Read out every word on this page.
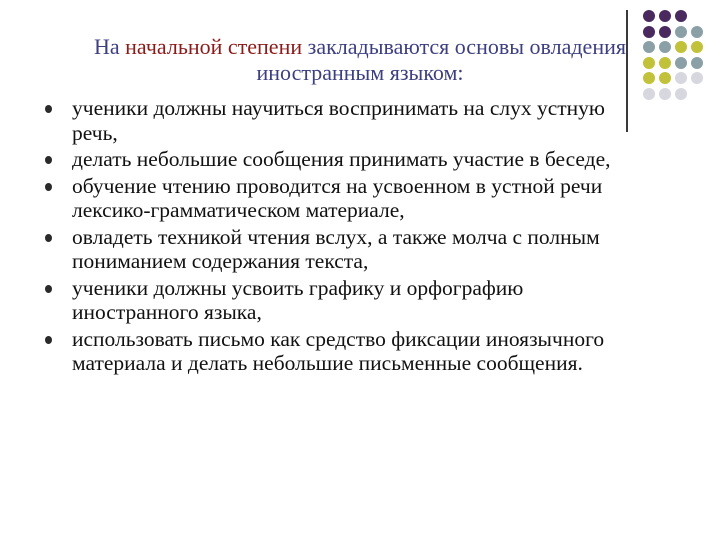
На начальной степени закладываются основы овладения иностранным языком:
ученики должны научиться воспринимать на слух устную речь,
делать небольшие сообщения принимать участие в беседе,
обучение чтению проводится на усвоенном в устной речи лексико-грамматическом материале,
овладеть техникой чтения вслух, а также молча с полным пониманием содержания текста,
ученики должны усвоить графику и орфографию иностранного языка,
использовать письмо как средство фиксации иноязычного материала и делать небольшие письменные сообщения.
